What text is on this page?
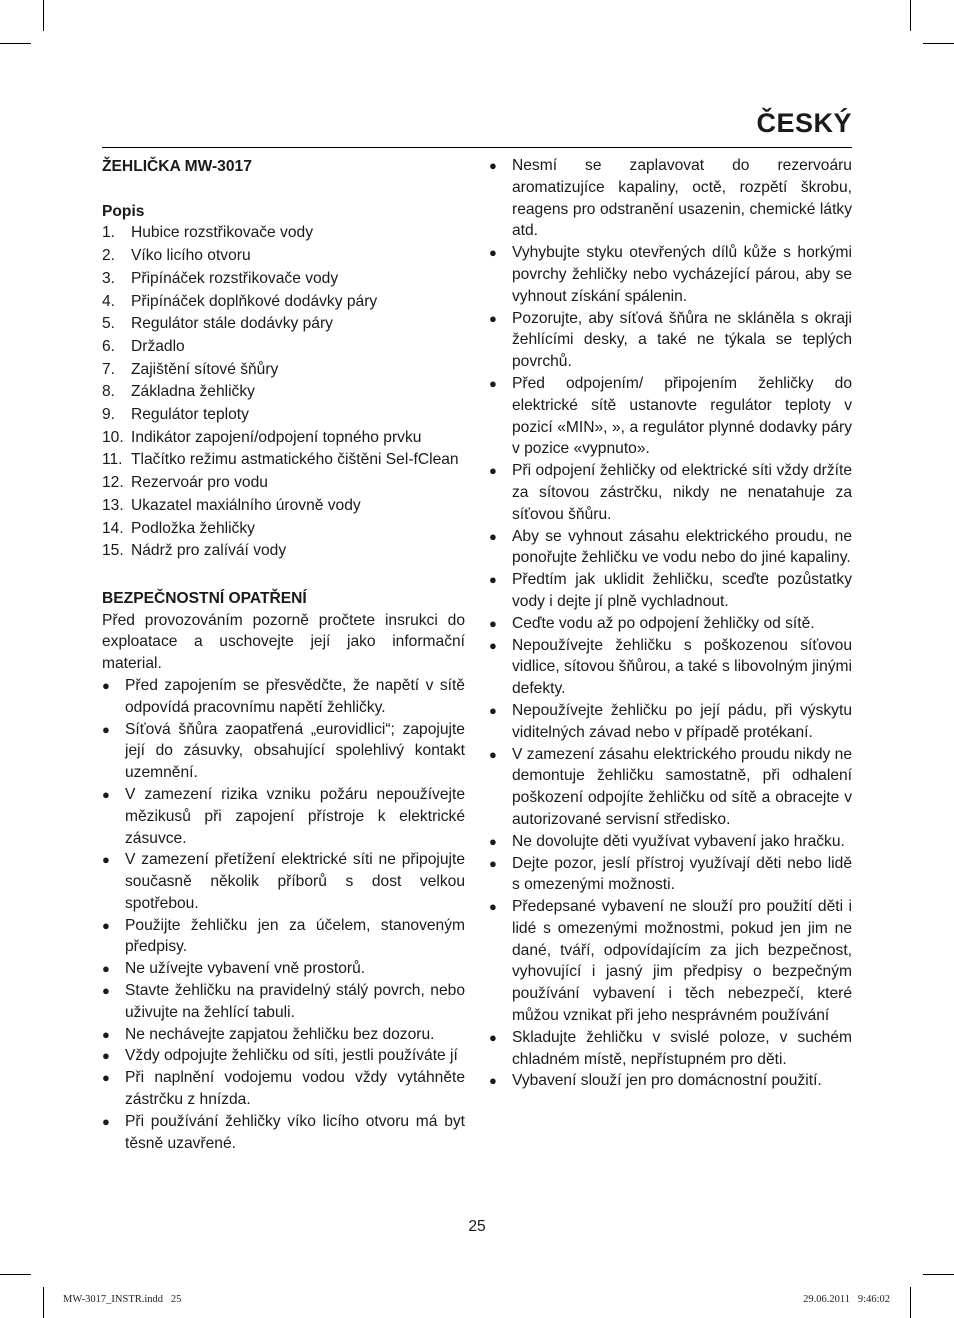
ČESKÝ
ŽEHLIČKA MW-3017
Popis
1.	Hubice rozstřikovače vody
2.	Víko licího otvoru
3.	Připínáček rozstřikovače vody
4.	Připínáček doplňkové dodávky páry
5.	Regulátor stále dodávky páry
6.	Držadlo
7.	Zajištění sítové šňůry
8.	Základna žehličky
9.	Regulátor teploty
10. Indikátor zapojení/odpojení topného prvku
11. Tlačítko režimu astmatického čištěni Sel-fClean
12. Rezervoár pro vodu
13. Ukazatel maxiálního úrovně vody
14. Podložka žehličky
15. Nádrž pro zalíváí vody
BEZPEČNOSTNÍ OPATŘENÍ

Před provozováním pozorně pročtete insrukci do exploatace a uschovejte její jako informační material.

● Před zapojením se přesvědčte, že napětí v sítě odpovídá pracovnímu napětí žehličky.
● Síťová šňůra zaopatřená „eurovidlici“; zapojujte její do zásuvky, obsahující spolehlivý kontakt uzemnění.
● V zamezení rizika vzniku požáru nepoužívejte mězikusů při zapojení přístroje k elektrické zásuvce.
● V zamezení přetížení elektrické síti ne připojujte současně několik příborů s dost velkou spotřebou.
● Použijte žehličku jen za účelem, stanoveným předpisy.
● Ne užívejte vybavení vně prostorů.
● Stavte žehličku na pravidelný stálý povrch, nebo uživujte na žehlící tabuli.
● Ne nechávejte zapjatou žehličku bez dozoru.
● Vždy odpojujte žehličku od síti, jestli používáte jí
● Při naplnění vodojemu vodou vždy vytáhněte zástrčku z hnízda.
● Při používání žehličky víko licího otvoru má byt těsně uzavřené.
● Nesmí se zaplavovat do rezervoáru aromatizujíce kapaliny, octě, rozpětí škrobu, reagens pro odstranění usazenin, chemické látky atd.
● Vyhybujte styku otevřených dílů kůže s horkými povrchy žehličky nebo vycházející párou, aby se vyhnout získání spálenin.
● Pozorujte, aby síťová šňůra ne skláněla s okraji žehlícími desky, a také ne týkala se teplých povrchů.
● Před odpojením/ připojením žehličky do elektrické sítě ustanovte regulátor teploty v pozicí «MIN», », a regulátor plynné dodavky páry v pozice «vypnuto».
● Při odpojení žehličky od elektrické síti vždy držíte za sítovou zástrčku, nikdy ne nenatahuje za síťovou šňůru.
● Aby se vyhnout zásahu elektrického proudu, ne ponořujte žehličku ve vodu nebo do jiné kapaliny.
● Předtím jak uklidit žehličku, sceďte pozůstatky vody i dejte jí plně vychladnout.
● Ceďte vodu až po odpojení žehličky od sítě.
● Nepoužívejte žehličku s poškozenou síťovou vidlice, sítovou šňůrou, a také s libovolným jinými defekty.
● Nepoužívejte žehličku po její pádu, při výskytu viditelných závad nebo v případě protékaní.
● V zamezení zásahu elektrického proudu nikdy ne demontuje žehličku samostatně, při odhalení poškození odpojíte žehličku od sítě a obracejte v autorizované servisní středisko.
● Ne dovolujte děti využívat vybavení jako hračku.
● Dejte pozor, jeslí přístroj využívají děti nebo lidě s omezenými možnosti.
● Předepsané vybavení ne slouží pro použití děti i lidé s omezenými možnostmi, pokud jen jim ne dané, tváří, odpovídajícím za jich bezpečnost, vyhovující i jasný jim předpisy o bezpečným používání vybavení i těch nebezpečí, které můžou vznikat při jeho nesprávném používání
● Skladujte žehličku v svislé poloze, v suchém chladném místě, nepřístupném pro děti.
● Vybavení slouží jen pro domácnostní použití.
25
MW-3017_INSTR.indd   25	29.06.2011   9:46:02
